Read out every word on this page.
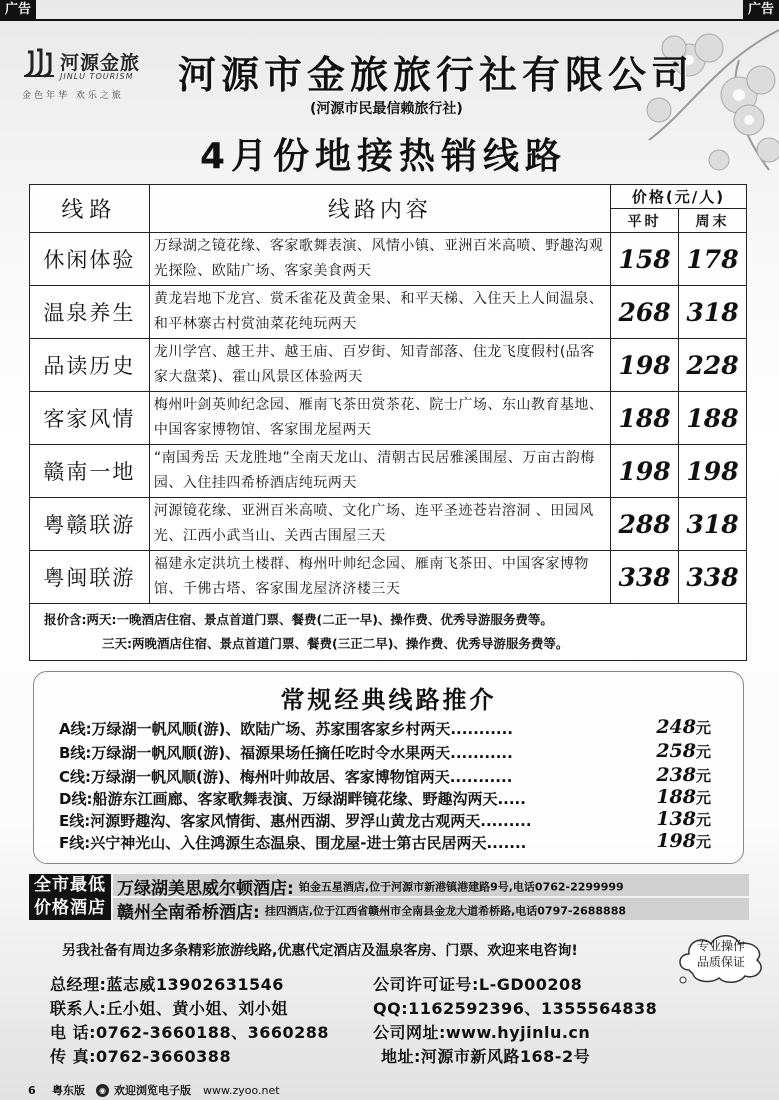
广告	广告
河源金旅
JINLU TOURISM
金色年华 欢乐之旅 河源市金旅旅行社有限公司
(河源市民最信赖旅行社)
4月份地接热销线路
线路	线路内容	价格(元/人)	
		平时	周末
休闲体验	万绿湖之镜花缘、客家歌舞表演、风情小镇、亚洲百米高喷、野趣沟观光探险、欧陆广场、客家美食两天	158	178
温泉养生	黄龙岩地下龙宫、赏禾雀花及黄金果、和平天梯、入住天上人间温泉、和平林寨古村赏油菜花纯玩两天	268	318
品读历史	龙川学宫、越王井、越王庙、百岁街、知青部落、住龙飞度假村(品客家大盘菜)、霍山风景区体验两天	198	228
客家风情	梅州叶剑英帅纪念园、雁南飞茶田赏茶花、院士广场、东山教育基地、中国客家博物馆、客家围龙屋两天	188	188
赣南一地	“南国秀岳 天龙胜地”全南天龙山、清朝古民居雅溪围屋、万亩古韵梅园、入住挂四希桥酒店纯玩两天	198	198
粤赣联游	河源镜花缘、亚洲百米高喷、文化广场、连平圣迹苍岩溶洞 、田园风光、江西小武当山、关西古围屋三天	288	318
粤闽联游	福建永定洪坑土楼群、梅州叶帅纪念园、雁南飞茶田、中国客家博物馆、千佛古塔、客家围龙屋济济楼三天	338	338

报价含:两天:一晚酒店住宿、景点首道门票、餐费(二正一早)、操作费、优秀导游服务费等。
三天:两晚酒店住宿、景点首道门票、餐费(三正二早)、操作费、优秀导游服务费等。			
常规经典线路推介
A线:万绿湖一帆风顺(游)、欧陆广场、苏家围客家乡村两天...........	248元
B线:万绿湖一帆风顺(游)、福源果场任摘任吃时令水果两天...........	258元
C线:万绿湖一帆风顺(游)、梅州叶帅故居、客家博物馆两天...........	238元
D线:船游东江画廊、客家歌舞表演、万绿湖畔镜花缘、野趣沟两天.....	188元
E线:河源野趣沟、客家风情街、惠州西湖、罗浮山黄龙古观两天.........	138元
F线:兴宁神光山、入住鸿源生态温泉、围龙屋-进士第古民居两天.......	198元
全市最低
价格酒店
万绿湖美思威尔顿酒店: 铂金五星酒店,位于河源市新港镇港建路9号,电话0762-2299999
赣州全南希桥酒店: 挂四酒店,位于江西省赣州市全南县金龙大道希桥路,电话0797-2688888
另我社备有周边多条精彩旅游线路,优惠代定酒店及温泉客房、门票、欢迎来电咨询!	专业操作
品质保证
总经理:蓝志威13902631546	公司许可证号:L-GD00208
联系人:丘小姐、黄小姐、刘小姐	QQ:1162592396、1355564838
电 话:0762-3660188、3660288	公司网址:www.hyjinlu.cn
传 真:0762-3660388	地址:河源市新风路168-2号
6 粤东版	◉ 欢迎浏览电子版 www.zyoo.net
